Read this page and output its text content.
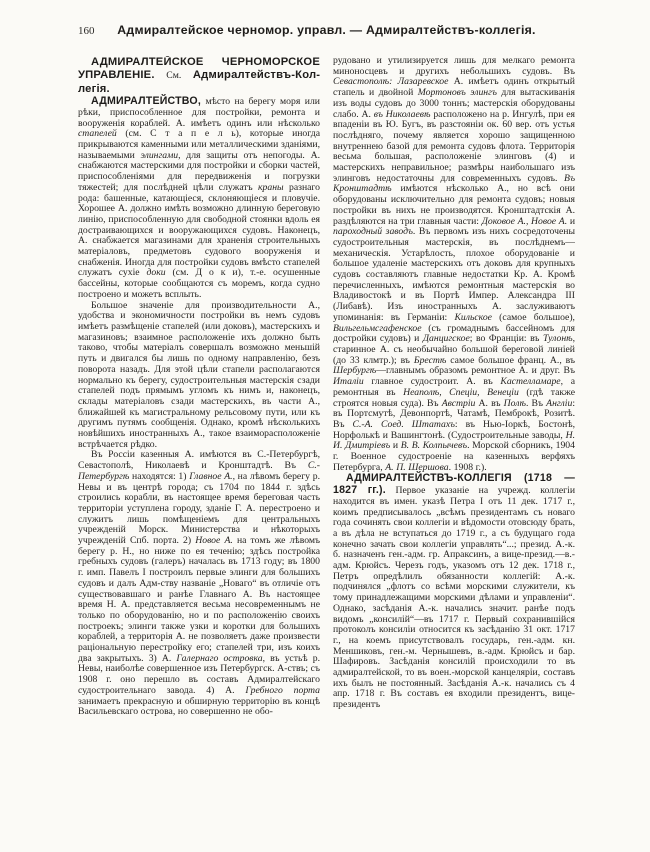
160	Адмиралтейское черномор. управл. — Адмиралтействъ-коллегія.

АДМИРАЛТЕЙСКОЕ ЧЕРНОМОРСКОЕ УПРАВЛЕНІЕ. См. Адмиралтействъ-Коллегія.

АДМИРАЛТЕЙСТВО, мѣсто на берегу моря или рѣки, приспособленное для постройки, ремонта и вооруженія кораблей. А. имѣетъ одинъ или нѣсколько стапелей (см. С т а п е л ь), которые иногда прикрываются каменными или металлическими зданіями, называемыми элингами, для защиты отъ непогоды. А. снабжаются мастерскими для постройки и сборки частей, приспособленіями для передвиженія и погрузки тяжестей; для послѣдней цѣли служатъ краны разнаго рода: башенные, катающіеся, склоняющіеся и пловучіе. Хорошее А. должно имѣть возможно длинную береговую линію, приспособленную для свободной стоянки вдоль ея достраивающихся и вооружающихся судовъ. Наконецъ, А. снабжается магазинами для храненія строительныхъ матеріаловъ, предметовъ судового вооруженія и снабженія. Иногда для постройки судовъ вмѣсто стапелей служатъ сухіе доки (см. Д о к и), т.-е. осушенные бассейны, которые сообщаются съ моремъ, когда судно построено и можетъ всплыть.

Большое значеніе для производительности А., удобства и экономичности постройки въ немъ судовъ имѣетъ размѣщеніе стапелей (или доковъ), мастерскихъ и магазиновъ; взаимное расположеніе ихъ должно быть таково, чтобы матеріалъ совершалъ возможно меньшій путь и двигался бы лишь по одному направленію, безъ поворота назадъ. Для этой цѣли стапели располагаются нормально къ берегу, судостроительныя мастерскія сзади стапелей подъ прямымъ угломъ къ нимъ и, наконецъ, склады матеріаловъ сзади мастерскихъ, въ части А., ближайшей къ магистральному рельсовому пути, или къ другимъ путямъ сообщенія. Однако, кромѣ нѣсколькихъ новѣйшихъ иностранныхъ А., такое взаиморасположеніе встрѣчается рѣдко.

Въ Россіи казенныя А. имѣются въ С.-Петербургѣ, Севастополѣ, Николаевѣ и Кронштадтѣ. Въ С.-Петербургѣ находятся: 1) Главное А., на лѣвомъ берегу р. Невы и въ центрѣ города; съ 1704 по 1844 г. здѣсь строились корабли, въ настоящее время береговая часть территоріи уступлена городу, зданіе Г. А. перестроено и служитъ лишь помѣщеніемъ для центральныхъ учрежденій Морск. Министерства и нѣкоторыхъ учрежденій Спб. порта. 2) Новое А. на томъ же лѣвомъ берегу р. Н., но ниже по ея теченію; здѣсь постройка гребныхъ судовъ (галеръ) началась въ 1713 году; въ 1800 г. имп. Павелъ I построилъ первые элинги для большихъ судовъ и далъ Адм-ству названіе „Новаго“ въ отличіе отъ существовавшаго и ранѣе Главнаго А. Въ настоящее время Н. А. представляется весьма несовременнымъ не только по оборудованію, но и по расположенію своихъ построекъ; элинги также узки и коротки для большихъ кораблей, а территорія А. не позволяетъ даже произвести раціональную перестройку его; стапелей три, изъ коихъ два закрытыхъ. 3) А. Галернаго островка, въ устьѣ р. Невы, наиболѣе совершенное изъ Петербургск. А-ствъ; съ 1908 г. оно перешло въ составъ Адмиралтейскаго судостроительнаго завода. 4) А. Гребного порта занимаетъ прекрасную и обширную территорію въ концѣ Васильевскаго острова, но совершенно не обо-

рудовано и утилизируется лишь для мелкаго ремонта миноносцевъ и другихъ небольшихъ судовъ. Въ Севастополѣ: Лазаревское А. имѣетъ одинъ открытый стапель и двойной Мортоновъ элингъ для вытаскиванія изъ воды судовъ до 3000 тоннъ; мастерскія оборудованы слабо. А. въ Николаевѣ расположено на р. Ингулѣ, при ея впаденіи въ Ю. Бугъ, въ разстояніи ок. 60 вер. отъ устья послѣдняго, почему является хорошо защищенною внутреннею базой для ремонта судовъ флота. Территорія весьма большая, расположеніе элинговъ (4) и мастерскихъ неправильное; размѣры наибольшаго изъ элинговъ недостаточны для современныхъ судовъ. Въ Кронштадтѣ имѣются нѣсколько А., но всѣ они оборудованы исключительно для ремонта судовъ; новыя постройки въ нихъ не производятся. Кронштадтскія А. раздѣляются на три главныя части: Доковое А., Новое А. и пароходный заводъ. Въ первомъ изъ нихъ сосредоточены судостроительныя мастерскія, въ послѣднемъ—механическія. Устарѣлость, плохое оборудованіе и большое удаленіе мастерскихъ отъ доковъ для крупныхъ судовъ составляютъ главные недостатки Кр. А. Кромѣ перечисленныхъ, имѣются ремонтныя мастерскія во Владивостокѣ и въ Портѣ Импер. Александра III (Либавѣ). Изъ иностранныхъ А. заслуживаютъ упоминанія: въ Германіи: Кильское (самое большое), Вильгельмсгафенское (съ громаднымъ бассейномъ для достройки судовъ) и Данцигское; во Франціи: въ Тулонѣ, старинное А. съ необычайно большой береговой линіей (до 33 клмтр.); въ Брестѣ самое большое франц. А., въ Шербургѣ—главнымъ образомъ ремонтное А. и друг. Въ Италіи главное судостроит. А. въ Кастелламаре, а ремонтныя въ Неаполѣ, Спеціи, Венеціи (гдѣ также строятся новыя суда). Въ Австріи А. въ Полѣ. Въ Англіи: въ Портсмутѣ, Девонпортѣ, Чатамѣ, Пемброкѣ, Розитѣ. Въ С.-А. Соед. Штатахъ: въ Нью-Іоркѣ, Бостонѣ, Норфолькѣ и Вашингтонѣ. (Судостроительные заводы, Н. И. Дмитріевъ и В. В. Колпычевъ. Морской сборникъ, 1904 г. Военное судостроеніе на казенныхъ верфяхъ Петербурга, А. П. Шершова. 1908 г.).

АДМИРАЛТЕЙСТВЪ-КОЛЛЕГІЯ (1718 — 1827 гг.). Первое указаніе на учрежд. коллегіи находится въ имен. указѣ Петра I отъ 11 дек. 1717 г., коимъ предписывалось „всѣмъ президентамъ съ новаго года сочинять свои коллегіи и вѣдомости отовсюду брать, а въ дѣла не вступаться до 1719 г., а съ будущаго года конечно зачать свои коллегіи управлять“...; презид. А.-к. б. назначенъ ген.-адм. гр. Апраксинъ, а вице-презид.—в.-адм. Крюйсъ. Черезъ годъ, указомъ отъ 12 дек. 1718 г., Петръ опредѣлилъ обязанности коллегій: А.-к. подчинялся „флотъ со всѣми морскими служители, къ тому принадлежащими морскими дѣлами и управленіи“. Однако, засѣданія А.-к. начались значит. ранѣе подъ видомъ „консилій“—въ 1717 г. Первый сохранившійся протоколъ консиліи относится къ засѣданію 31 окт. 1717 г., на коемъ присутствовалъ государь, ген.-адм. кн. Меншиковъ, ген.-м. Чернышевъ, в.-адм. Крюйсъ и бар. Шафировъ. Засѣданія консилій происходили то въ адмиралтейской, то въ воен.-морской канцеляріи, составъ ихъ былъ не постоянный. Засѣданія А.-к. начались съ 4 апр. 1718 г. Въ составъ ея входили президентъ, вице-президентъ
